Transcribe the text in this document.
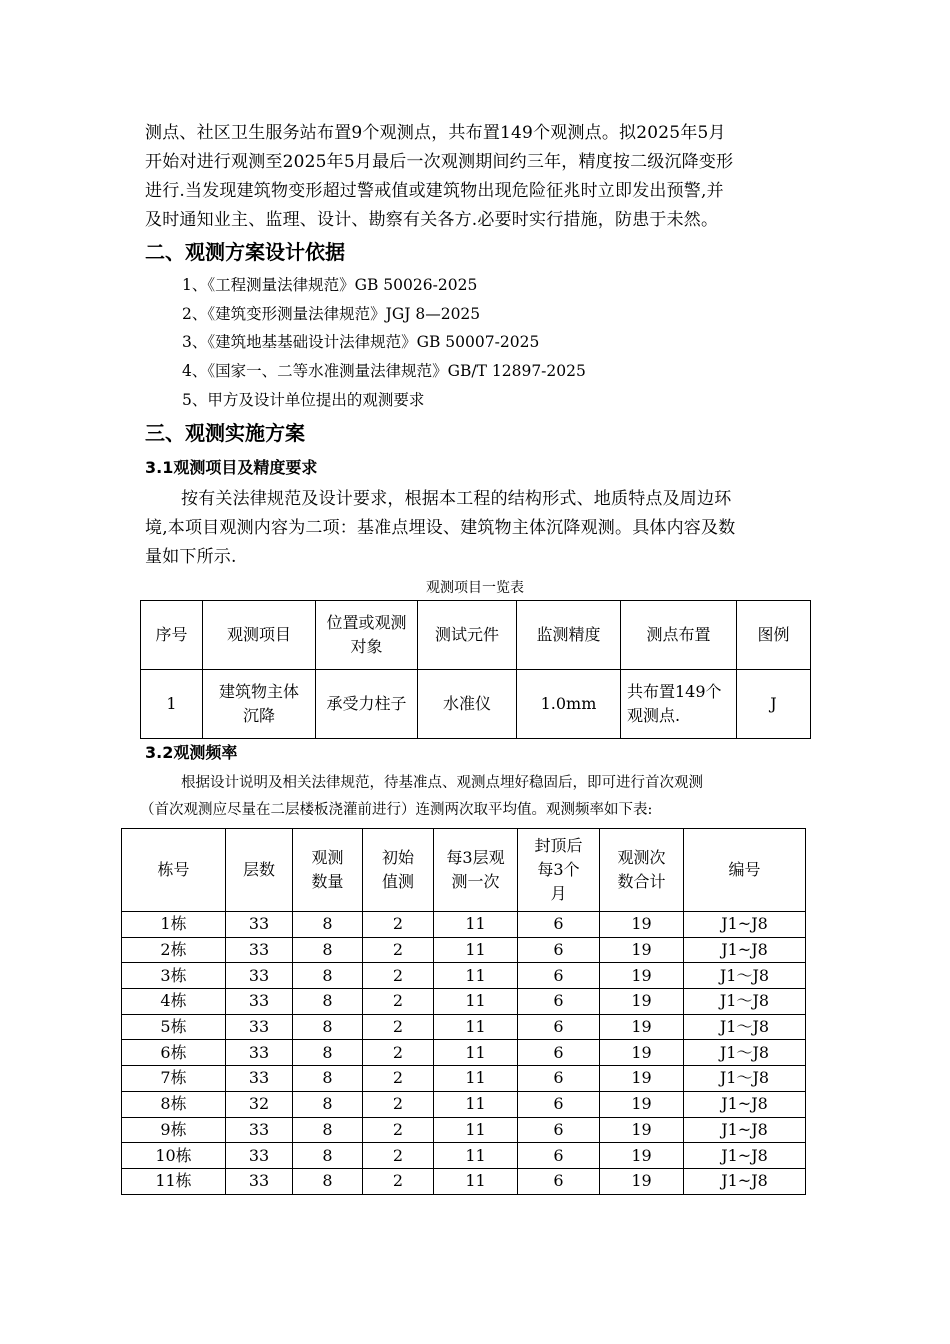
测点、社区卫生服务站布置9个观测点，共布置149个观测点。拟2025年5月
开始对进行观测至2025年5月最后一次观测期间约三年，精度按二级沉降变形
进行.当发现建筑物变形超过警戒值或建筑物出现危险征兆时立即发出预警,并
及时通知业主、监理、设计、勘察有关各方.必要时实行措施，防患于未然。
二、观测方案设计依据
1、《工程测量法律规范》GB 50026-2025
2、《建筑变形测量法律规范》JGJ 8—2025
3、《建筑地基基础设计法律规范》GB 50007-2025
4、《国家一、二等水准测量法律规范》GB/T 12897-2025
5、甲方及设计单位提出的观测要求
三、观测实施方案
3.1观测项目及精度要求
按有关法律规范及设计要求，根据本工程的结构形式、地质特点及周边环
境,本项目观测内容为二项：基准点埋设、建筑物主体沉降观测。具体内容及数
量如下所示.
观测项目一览表
序号	观测项目	位置或观测对象	测试元件	监测精度	测点布置	图例
1	建筑物主体沉降	承受力柱子	水准仪	1.0mm	共布置149个观测点.	J
3.2观测频率
根据设计说明及相关法律规范，待基准点、观测点埋好稳固后，即可进行首次观测
（首次观测应尽量在二层楼板浇灌前进行）连测两次取平均值。观测频率如下表:
栋号	层数	观测数量	初始值测	每3层观测一次	封顶后每3个月	观测次数合计	编号
1栋	33	8	2	11	6	19	J1~J8
2栋	33	8	2	11	6	19	J1~J8
3栋	33	8	2	11	6	19	J1～J8
4栋	33	8	2	11	6	19	J1～J8
5栋	33	8	2	11	6	19	J1～J8
6栋	33	8	2	11	6	19	J1～J8
7栋	33	8	2	11	6	19	J1～J8
8栋	32	8	2	11	6	19	J1~J8
9栋	33	8	2	11	6	19	J1~J8
10栋	33	8	2	11	6	19	J1~J8
11栋	33	8	2	11	6	19	J1~J8
